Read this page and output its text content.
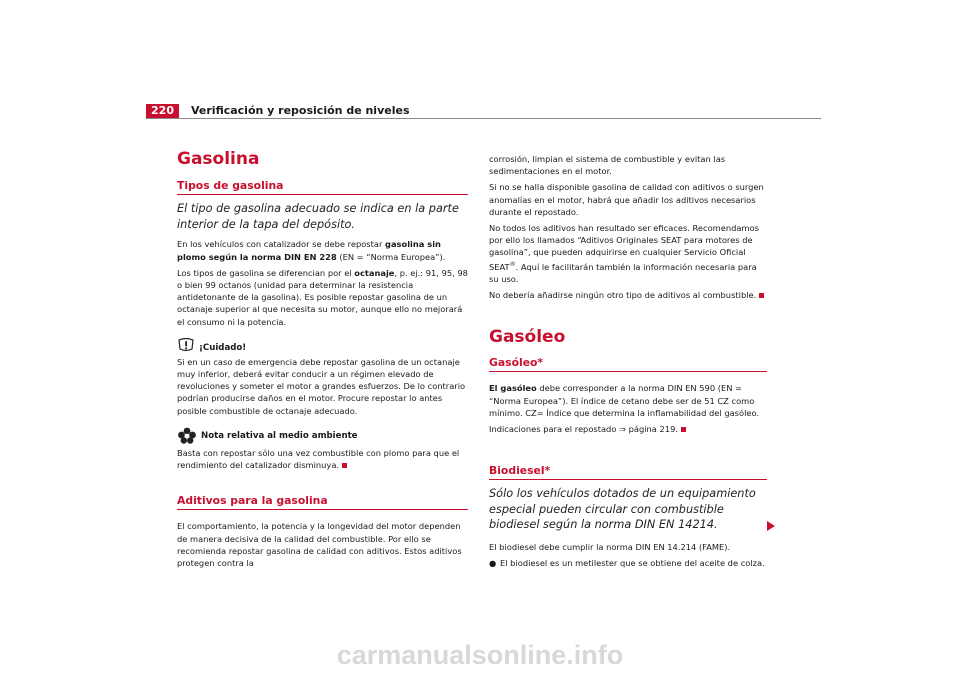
220	Verificación y reposición de niveles
Gasolina
Tipos de gasolina

El tipo de gasolina adecuado se indica en la parte interior de la tapa del depósito.

En los vehículos con catalizador se debe repostar gasolina sin plomo según la norma DIN EN 228 (EN = “Norma Europea”).

Los tipos de gasolina se diferencian por el octanaje, p. ej.: 91, 95, 98 o bien 99 octanos (unidad para determinar la resistencia antidetonante de la gasolina). Es posible repostar gasolina de un octanaje superior al que necesita su motor, aunque ello no mejorará el consumo ni la potencia.

¡Cuidado!

Si en un caso de emergencia debe repostar gasolina de un octanaje muy inferior, deberá evitar conducir a un régimen elevado de revoluciones y someter el motor a grandes esfuerzos. De lo contrario podrían producirse daños en el motor. Procure repostar lo antes posible combustible de octanaje adecuado.

Nota relativa al medio ambiente

Basta con repostar sólo una vez combustible con plomo para que el rendimiento del catalizador disminuya.

Aditivos para la gasolina

El comportamiento, la potencia y la longevidad del motor dependen de manera decisiva de la calidad del combustible. Por ello se recomienda repostar gasolina de calidad con aditivos. Estos aditivos protegen contra la

corrosión, limpian el sistema de combustible y evitan las sedimentaciones en el motor.

Si no se halla disponible gasolina de calidad con aditivos o surgen anomalías en el motor, habrá que añadir los aditivos necesarios durante el repostado.

No todos los aditivos han resultado ser eficaces. Recomendamos por ello los llamados “Aditivos Originales SEAT para motores de gasolina”, que pueden adquirirse en cualquier Servicio Oficial SEAT®. Aquí le facilitarán también la información necesaria para su uso.

No debería añadirse ningún otro tipo de aditivos al combustible.

Gasóleo
Gasóleo*

El gasóleo debe corresponder a la norma DIN EN 590 (EN = “Norma Europea”). El índice de cetano debe ser de 51 CZ como mínimo. CZ= Índice que determina la inflamabilidad del gasóleo.

Indicaciones para el repostado ⇒ página 219.

Biodiesel*

Sólo los vehículos dotados de un equipamiento especial pueden circular con combustible biodiesel según la norma DIN EN 14214.

El biodiesel debe cumplir la norma DIN EN 14.214 (FAME).

● El biodiesel es un metilester que se obtiene del aceite de colza.
carmanualsonline.info
